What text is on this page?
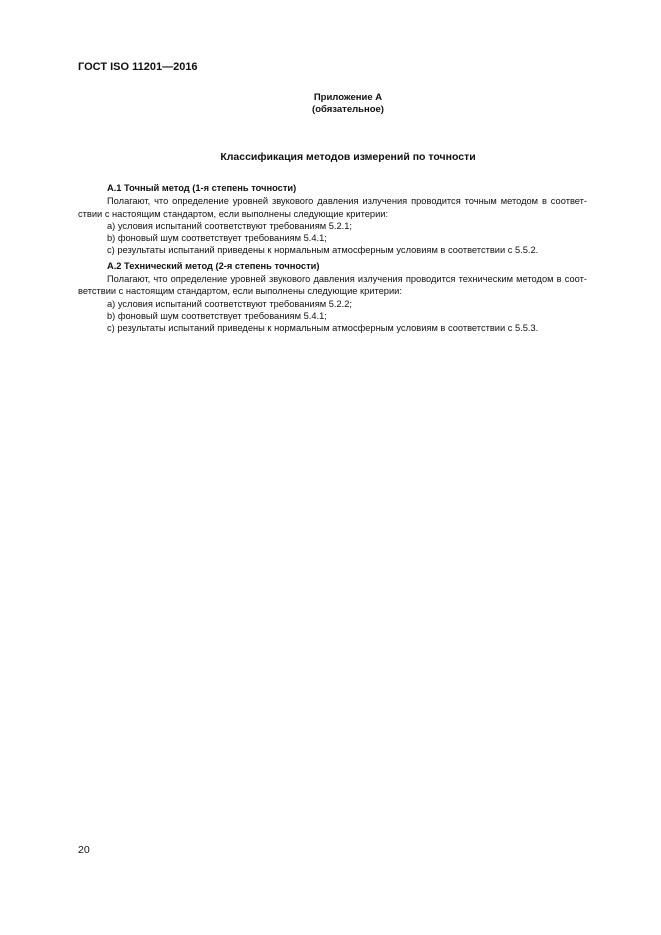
ГОСТ ISO 11201—2016
Приложение А
(обязательное)
Классификация методов измерений по точности
А.1 Точный метод (1-я степень точности)
Полагают, что определение уровней звукового давления излучения проводится точным методом в соответ-
ствии с настоящим стандартом, если выполнены следующие критерии:
а) условия испытаний соответствуют требованиям 5.2.1;
b) фоновый шум соответствует требованиям 5.4.1;
с) результаты испытаний приведены к нормальным атмосферным условиям в соответствии с 5.5.2.
А.2 Технический метод (2-я степень точности)
Полагают, что определение уровней звукового давления излучения проводится техническим методом в соот-
ветствии с настоящим стандартом, если выполнены следующие критерии:
а) условия испытаний соответствуют требованиям 5.2.2;
b) фоновый шум соответствует требованиям 5.4.1;
с) результаты испытаний приведены к нормальным атмосферным условиям в соответствии с 5.5.3.
20
